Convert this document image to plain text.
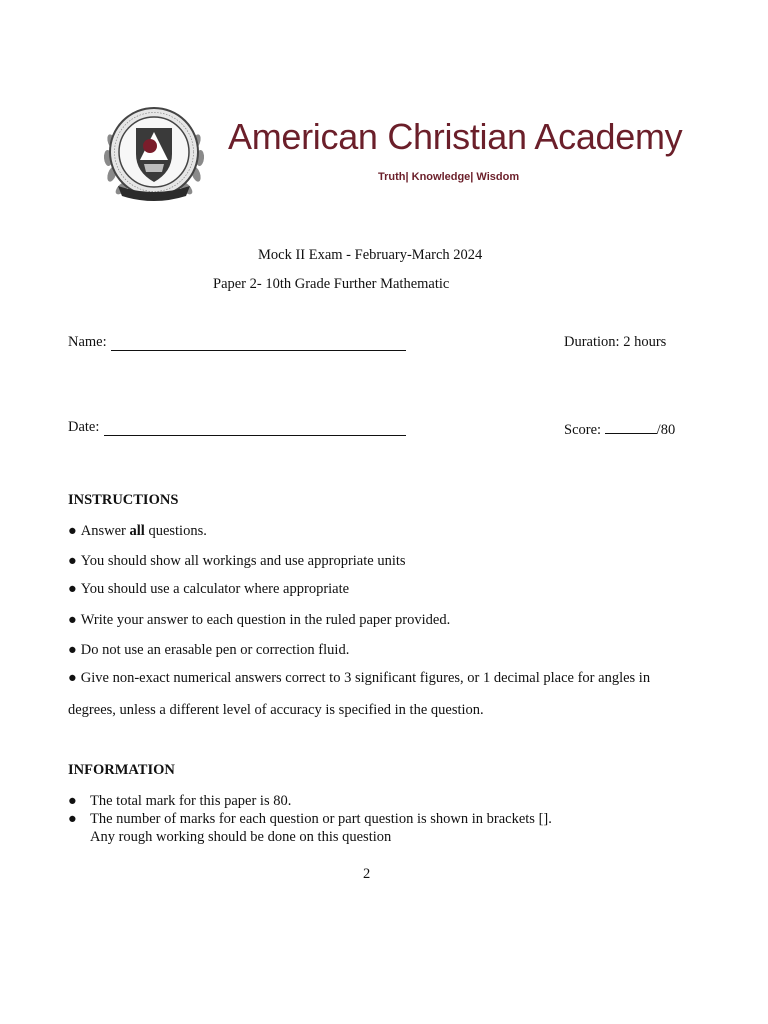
American Christian Academy
Truth| Knowledge| Wisdom
Mock II Exam - February-March 2024
Paper 2- 10th Grade Further Mathematic
Name:	Duration: 2 hours
Date:	Score:	/80
INSTRUCTIONS
● Answer all questions.
● You should show all workings and use appropriate units
● You should use a calculator where appropriate
● Write your answer to each question in the ruled paper provided.
● Do not use an erasable pen or correction fluid.
● Give non-exact numerical answers correct to 3 significant figures, or 1 decimal place for angles in
degrees, unless a different level of accuracy is specified in the question.
INFORMATION
● The total mark for this paper is 80.
● The number of marks for each question or part question is shown in brackets [].
Any rough working should be done on this question
2
